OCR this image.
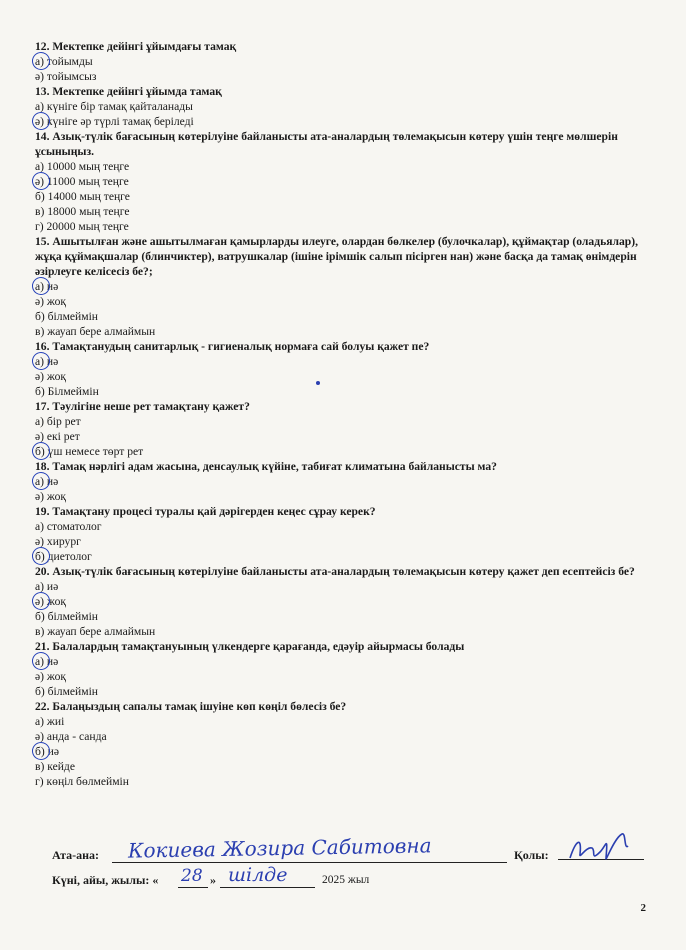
12. Мектепке дейінгі ұйымдағы тамақ
а) тойымды
ә) тойымсыз
13. Мектепке дейінгі ұйымда тамақ
а) күніге бір тамақ қайталанады
ә) күніге әр түрлі тамақ беріледі
14. Азық-түлік бағасының көтерілуіне байланысты ата-аналардың төлемақысын көтеру үшін теңге мөлшерін ұсыныңыз.
а) 10000 мың теңге
ә) 11000 мың теңге
б) 14000 мың теңге
в) 18000 мың теңге
г) 20000 мың теңге
15. Ашытылған және ашытылмаған қамырларды илеуге, олардан бөлкелер (булочкалар), құймақтар (оладьялар), жұқа құймақшалар (блинчиктер), ватрушкалар (ішіне ірімшік салып пісірген нан) және басқа да тамақ өнімдерін әзірлеуге келісесіз бе?;
а) иә
ә) жоқ
б) білмеймін
в) жауап бере алмаймын
16. Тамақтанудың санитарлық - гигиеналық нормаға сай болуы қажет пе?
а) иә
ә) жоқ
б) Білмеймін
17. Тәулігіне неше рет тамақтану қажет?
а) бір рет
ә) екі рет
б) үш немесе төрт рет
18. Тамақ нәрлігі адам жасына, денсаулық күйіне, табиғат климатына байланысты ма?
а) иә
ә) жоқ
19. Тамақтану процесі туралы қай дәрігерден кеңес сұрау керек?
а) стоматолог
ә) хирург
б) диетолог
20. Азық-түлік бағасының көтерілуіне байланысты ата-аналардың төлемақысын көтеру қажет деп есептейсіз бе?
а) иә
ә) жоқ
б) білмеймін
в) жауап бере алмаймын
21. Балалардың тамақтануының үлкендерге қарағанда, едәуір айырмасы болады
а) иә
ә) жоқ
б) білмеймін
22. Балаңыздың сапалы тамақ ішуіне көп көңіл бөлесіз бе?
а) жиі
ә) анда - санда
б) иә
в) кейде
г) көңіл бөлмеймін
Ата-ана: Кокиева Жозира Сабитовна	Қолы:
Күні, айы, жылы: « 28 » шілде	2025 жыл
2
